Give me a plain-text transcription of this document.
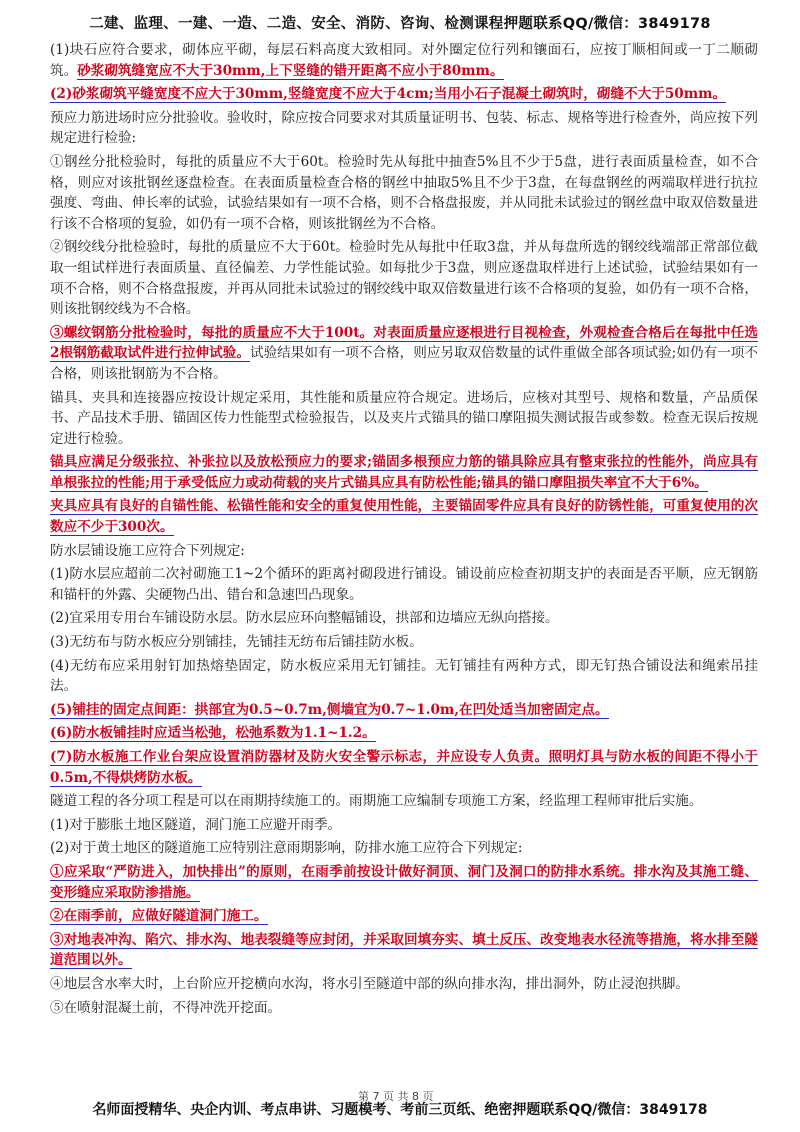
二建、监理、一建、一造、二造、安全、消防、咨询、检测课程押题联系QQ/微信：3849178

(1)块石应符合要求，砌体应平砌，每层石料高度大致相同。对外圈定位行列和镶面石，应按丁顺相间或一丁二顺砌筑。砂浆砌筑缝宽应不大于30mm,上下竖缝的错开距离不应小于80mm。

(2)砂浆砌筑平缝宽度不应大于30mm,竖缝宽度不应大于4cm;当用小石子混凝土砌筑时，砌缝不大于50mm。

预应力筋进场时应分批验收。验收时，除应按合同要求对其质量证明书、包装、标志、规格等进行检查外，尚应按下列规定进行检验:

①钢丝分批检验时，每批的质量应不大于60t。检验时先从每批中抽查5%且不少于5盘，进行表面质量检查，如不合格，则应对该批钢丝逐盘检查。在表面质量检查合格的钢丝中抽取5%且不少于3盘，在每盘钢丝的两端取样进行抗拉强度、弯曲、伸长率的试验，试验结果如有一项不合格，则不合格盘报废，并从同批未试验过的钢丝盘中取双倍数量进行该不合格项的复验，如仍有一项不合格，则该批钢丝为不合格。

②钢绞线分批检验时，每批的质量应不大于60t。检验时先从每批中任取3盘，并从每盘所选的钢绞线端部正常部位截取一组试样进行表面质量、直径偏差、力学性能试验。如每批少于3盘，则应逐盘取样进行上述试验，试验结果如有一项不合格，则不合格盘报废，并再从同批未试验过的钢绞线中取双倍数量进行该不合格项的复验，如仍有一项不合格，则该批钢绞线为不合格。

③螺纹钢筋分批检验时，每批的质量应不大于100t。对表面质量应逐根进行目视检查，外观检查合格后在每批中任选2根钢筋截取试件进行拉伸试验。试验结果如有一项不合格，则应另取双倍数量的试件重做全部各项试验;如仍有一项不合格，则该批钢筋为不合格。

锚具、夹具和连接器应按设计规定采用，其性能和质量应符合规定。进场后，应核对其型号、规格和数量，产品质保书、产品技术手册、锚固区传力性能型式检验报告，以及夹片式锚具的锚口摩阻损失测试报告或参数。检查无误后按规定进行检验。

锚具应满足分级张拉、补张拉以及放松预应力的要求;锚固多根预应力筋的锚具除应具有整束张拉的性能外，尚应具有单根张拉的性能;用于承受低应力或动荷载的夹片式锚具应具有防松性能;锚具的锚口摩阻损失率宜不大于6%。

夹具应具有良好的自锚性能、松锚性能和安全的重复使用性能，主要锚固零件应具有良好的防锈性能，可重复使用的次数应不少于300次。

防水层铺设施工应符合下列规定:

(1)防水层应超前二次衬砌施工1~2个循环的距离衬砌段进行铺设。铺设前应检查初期支护的表面是否平顺，应无钢筋和锚杆的外露、尖硬物凸出、错台和急速凹凸现象。

(2)宜采用专用台车铺设防水层。防水层应环向整幅铺设，拱部和边墙应无纵向搭接。

(3)无纺布与防水板应分别铺挂，先铺挂无纺布后铺挂防水板。

(4)无纺布应采用射钉加热熔垫固定，防水板应采用无钉铺挂。无钉铺挂有两种方式，即无钉热合铺设法和绳索吊挂法。

(5)铺挂的固定点间距：拱部宜为0.5~0.7m,侧墙宜为0.7~1.0m,在凹处适当加密固定点。

(6)防水板铺挂时应适当松弛，松弛系数为1.1~1.2。

(7)防水板施工作业台架应设置消防器材及防火安全警示标志，并应设专人负责。照明灯具与防水板的间距不得小于0.5m,不得烘烤防水板。

隧道工程的各分项工程是可以在雨期持续施工的。雨期施工应编制专项施工方案，经监理工程师审批后实施。

(1)对于膨胀土地区隧道，洞门施工应避开雨季。

(2)对于黄土地区的隧道施工应特别注意雨期影响，防排水施工应符合下列规定:

①应采取“严防进入，加快排出”的原则，在雨季前按设计做好洞顶、洞门及洞口的防排水系统。排水沟及其施工缝、变形缝应采取防渗措施。

②在雨季前，应做好隧道洞门施工。

③对地表冲沟、陷穴、排水沟、地表裂缝等应封闭，并采取回填夯实、填土反压、改变地表水径流等措施，将水排至隧道范围以外。

④地层含水率大时，上台阶应开挖横向水沟，将水引至隧道中部的纵向排水沟，排出洞外，防止浸泡拱脚。

⑤在喷射混凝土前，不得冲洗开挖面。

第 7 页 共 8 页
名师面授精华、央企内训、考点串讲、习题模考、考前三页纸、绝密押题联系QQ/微信：3849178
